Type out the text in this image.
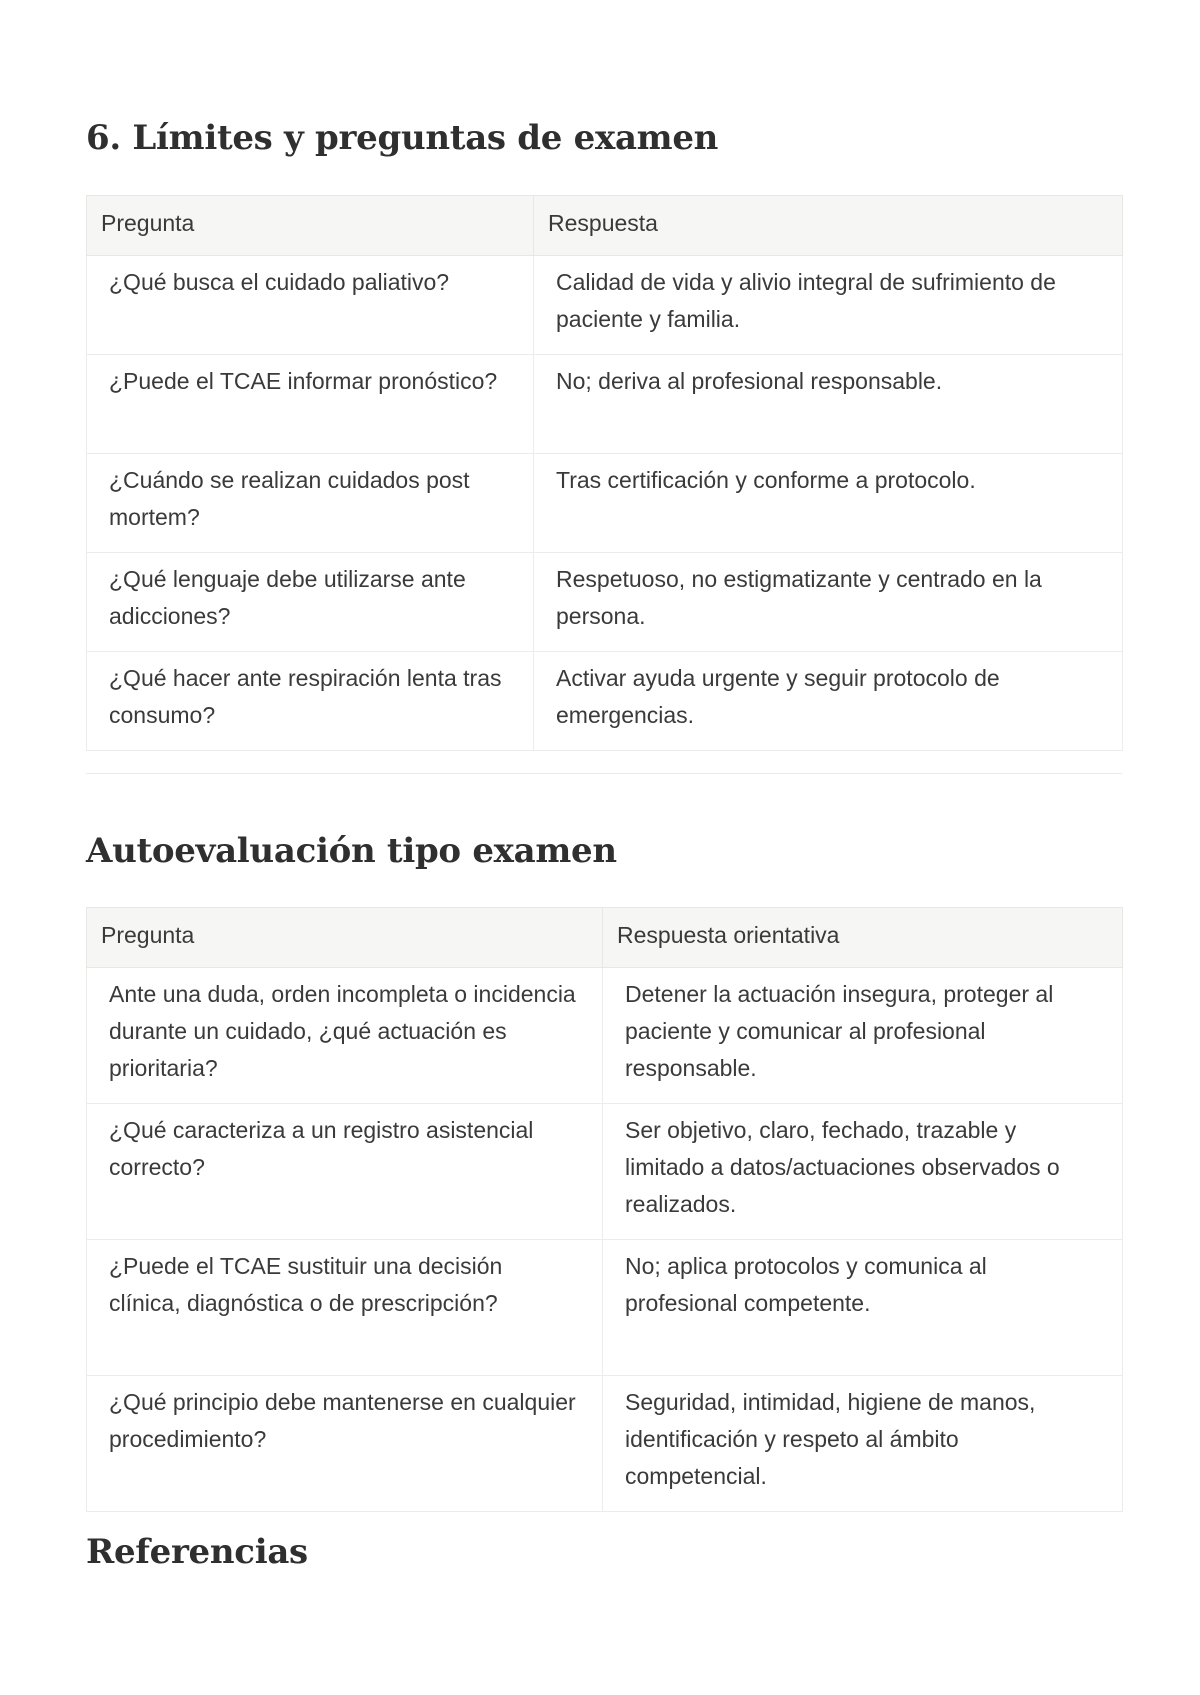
6. Límites y preguntas de examen
Pregunta	Respuesta
¿Qué busca el cuidado paliativo?	Calidad de vida y alivio integral de sufrimiento de paciente y familia.
¿Puede el TCAE informar pronóstico?	No; deriva al profesional responsable.
¿Cuándo se realizan cuidados post mortem?	Tras certificación y conforme a protocolo.
¿Qué lenguaje debe utilizarse ante adicciones?	Respetuoso, no estigmatizante y centrado en la persona.
¿Qué hacer ante respiración lenta tras consumo?	Activar ayuda urgente y seguir protocolo de emergencias.
Autoevaluación tipo examen
Pregunta	Respuesta orientativa
Ante una duda, orden incompleta o incidencia durante un cuidado, ¿qué actuación es prioritaria?	Detener la actuación insegura, proteger al paciente y comunicar al profesional responsable.
¿Qué caracteriza a un registro asistencial correcto?	Ser objetivo, claro, fechado, trazable y limitado a datos/actuaciones observados o realizados.
¿Puede el TCAE sustituir una decisión clínica, diagnóstica o de prescripción?	No; aplica protocolos y comunica al profesional competente.
¿Qué principio debe mantenerse en cualquier procedimiento?	Seguridad, intimidad, higiene de manos, identificación y respeto al ámbito competencial.
Referencias
